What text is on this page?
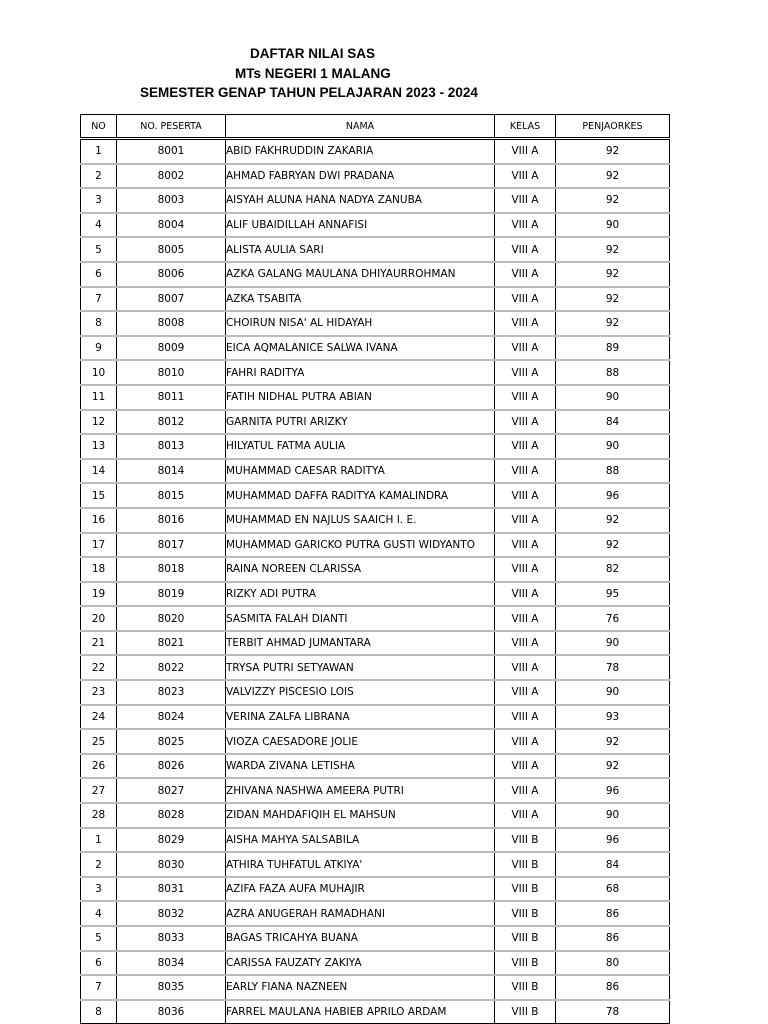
DAFTAR NILAI SAS
MTs NEGERI 1 MALANG
SEMESTER GENAP TAHUN PELAJARAN 2023 - 2024
NO	NO. PESERTA	NAMA	KELAS	PENJAORKES
1	8001	ABID FAKHRUDDIN ZAKARIA	VIII A	92
2	8002	AHMAD FABRYAN DWI PRADANA	VIII A	92
3	8003	AISYAH ALUNA HANA NADYA ZANUBA	VIII A	92
4	8004	ALIF UBAIDILLAH ANNAFISI	VIII A	90
5	8005	ALISTA AULIA SARI	VIII A	92
6	8006	AZKA GALANG MAULANA DHIYAURROHMAN	VIII A	92
7	8007	AZKA TSABITA	VIII A	92
8	8008	CHOIRUN NISA' AL HIDAYAH	VIII A	92
9	8009	EICA AQMALANICE SALWA IVANA	VIII A	89
10	8010	FAHRI RADITYA	VIII A	88
11	8011	FATIH NIDHAL PUTRA ABIAN	VIII A	90
12	8012	GARNITA PUTRI ARIZKY	VIII A	84
13	8013	HILYATUL FATMA AULIA	VIII A	90
14	8014	MUHAMMAD CAESAR RADITYA	VIII A	88
15	8015	MUHAMMAD DAFFA RADITYA KAMALINDRA	VIII A	96
16	8016	MUHAMMAD EN NAJLUS SAAICH I. E.	VIII A	92
17	8017	MUHAMMAD GARICKO PUTRA GUSTI WIDYANTO	VIII A	92
18	8018	RAINA NOREEN CLARISSA	VIII A	82
19	8019	RIZKY ADI PUTRA	VIII A	95
20	8020	SASMITA FALAH DIANTI	VIII A	76
21	8021	TERBIT AHMAD JUMANTARA	VIII A	90
22	8022	TRYSA PUTRI SETYAWAN	VIII A	78
23	8023	VALVIZZY PISCESIO LOIS	VIII A	90
24	8024	VERINA ZALFA LIBRANA	VIII A	93
25	8025	VIOZA CAESADORE JOLIE	VIII A	92
26	8026	WARDA ZIVANA LETISHA	VIII A	92
27	8027	ZHIVANA NASHWA AMEERA PUTRI	VIII A	96
28	8028	ZIDAN MAHDAFIQIH EL MAHSUN	VIII A	90
1	8029	AISHA MAHYA SALSABILA	VIII B	96
2	8030	ATHIRA TUHFATUL ATKIYA'	VIII B	84
3	8031	AZIFA FAZA AUFA MUHAJIR	VIII B	68
4	8032	AZRA ANUGERAH RAMADHANI	VIII B	86
5	8033	BAGAS TRICAHYA BUANA	VIII B	86
6	8034	CARISSA FAUZATY ZAKIYA	VIII B	80
7	8035	EARLY FIANA NAZNEEN	VIII B	86
8	8036	FARREL MAULANA HABIEB APRILO ARDAM	VIII B	78
